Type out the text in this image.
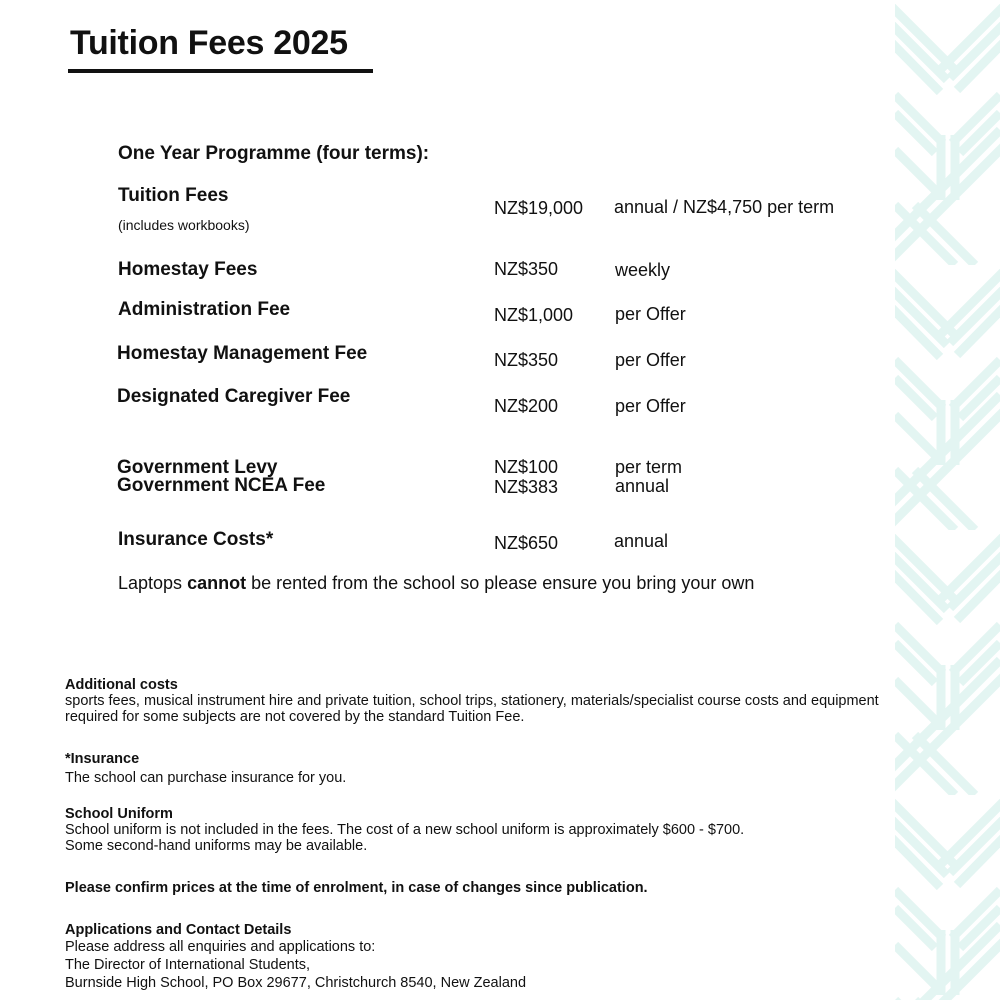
Tuition Fees 2025
One Year Programme (four terms):
Tuition Fees
(includes workbooks)
NZ$19,000 annual / NZ$4,750 per term
Homestay Fees	NZ$350	weekly
Administration Fee	NZ$1,000 per Offer
Homestay Management Fee	NZ$350	per Offer
Designated Caregiver Fee	NZ$200	per Offer
Government Levy	NZ$100	per term
Government NCEA Fee	NZ$383	annual
Insurance Costs*	NZ$650	annual
Laptops cannot be rented from the school so please ensure you bring your own
Additional costs

sports fees, musical instrument hire and private tuition, school trips, stationery, materials/specialist course costs and equipment required for some subjects are not covered by the standard Tuition Fee.

*Insurance

The school can purchase insurance for you.

School Uniform

School uniform is not included in the fees. The cost of a new school uniform is approximately $600 - $700.

Some second-hand uniforms may be available.

Please confirm prices at the time of enrolment, in case of changes since publication.
Applications and Contact Details

Please address all enquiries and applications to:

The Director of International Students,

Burnside High School, PO Box 29677, Christchurch 8540, New Zealand
